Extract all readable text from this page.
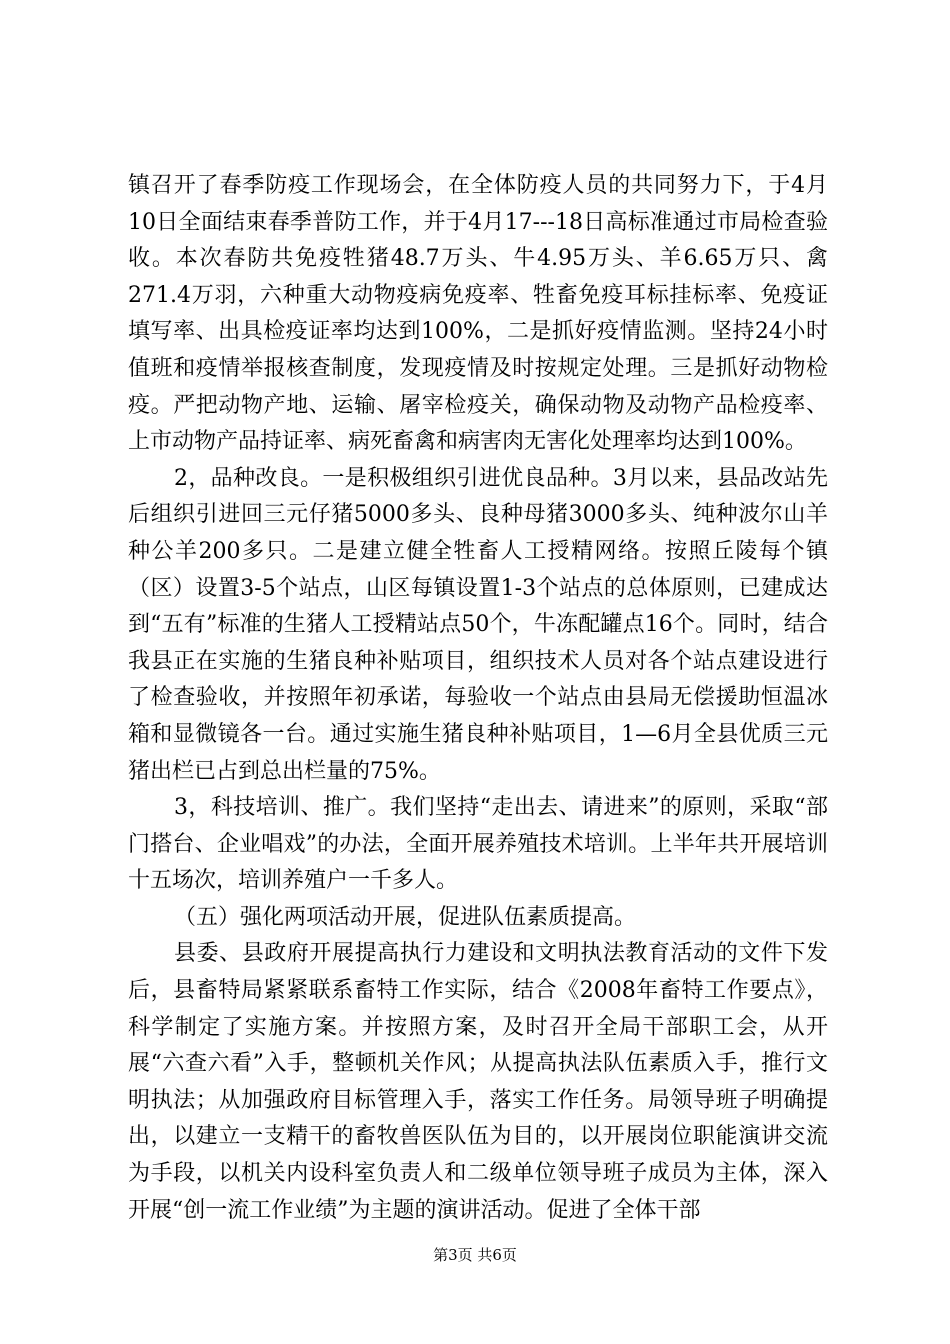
镇召开了春季防疫工作现场会，在全体防疫人员的共同努力下，于4月10日全面结束春季普防工作，并于4月17---18日高标准通过市局检查验收。本次春防共免疫牲猪48.7万头、牛4.95万头、羊6.65万只、禽271.4万羽，六种重大动物疫病免疫率、牲畜免疫耳标挂标率、免疫证填写率、出具检疫证率均达到100%，二是抓好疫情监测。坚持24小时值班和疫情举报核查制度，发现疫情及时按规定处理。三是抓好动物检疫。严把动物产地、运输、屠宰检疫关，确保动物及动物产品检疫率、上市动物产品持证率、病死畜禽和病害肉无害化处理率均达到100%。

2，品种改良。一是积极组织引进优良品种。3月以来，县品改站先后组织引进回三元仔猪5000多头、良种母猪3000多头、纯种波尔山羊种公羊200多只。二是建立健全牲畜人工授精网络。按照丘陵每个镇（区）设置3-5个站点，山区每镇设置1-3个站点的总体原则，已建成达到“五有”标准的生猪人工授精站点50个，牛冻配罐点16个。同时，结合我县正在实施的生猪良种补贴项目，组织技术人员对各个站点建设进行了检查验收，并按照年初承诺，每验收一个站点由县局无偿援助恒温冰箱和显微镜各一台。通过实施生猪良种补贴项目，1—6月全县优质三元猪出栏已占到总出栏量的75%。

3，科技培训、推广。我们坚持“走出去、请进来”的原则，采取“部门搭台、企业唱戏”的办法，全面开展养殖技术培训。上半年共开展培训十五场次，培训养殖户一千多人。

（五）强化两项活动开展，促进队伍素质提高。

县委、县政府开展提高执行力建设和文明执法教育活动的文件下发后，县畜特局紧紧联系畜特工作实际，结合《2008年畜特工作要点》，科学制定了实施方案。并按照方案，及时召开全局干部职工会，从开展“六查六看”入手，整顿机关作风；从提高执法队伍素质入手，推行文明执法；从加强政府目标管理入手，落实工作任务。局领导班子明确提出，以建立一支精干的畜牧兽医队伍为目的，以开展岗位职能演讲交流为手段，以机关内设科室负责人和二级单位领导班子成员为主体，深入开展“创一流工作业绩”为主题的演讲活动。促进了全体干部

第3页 共6页
